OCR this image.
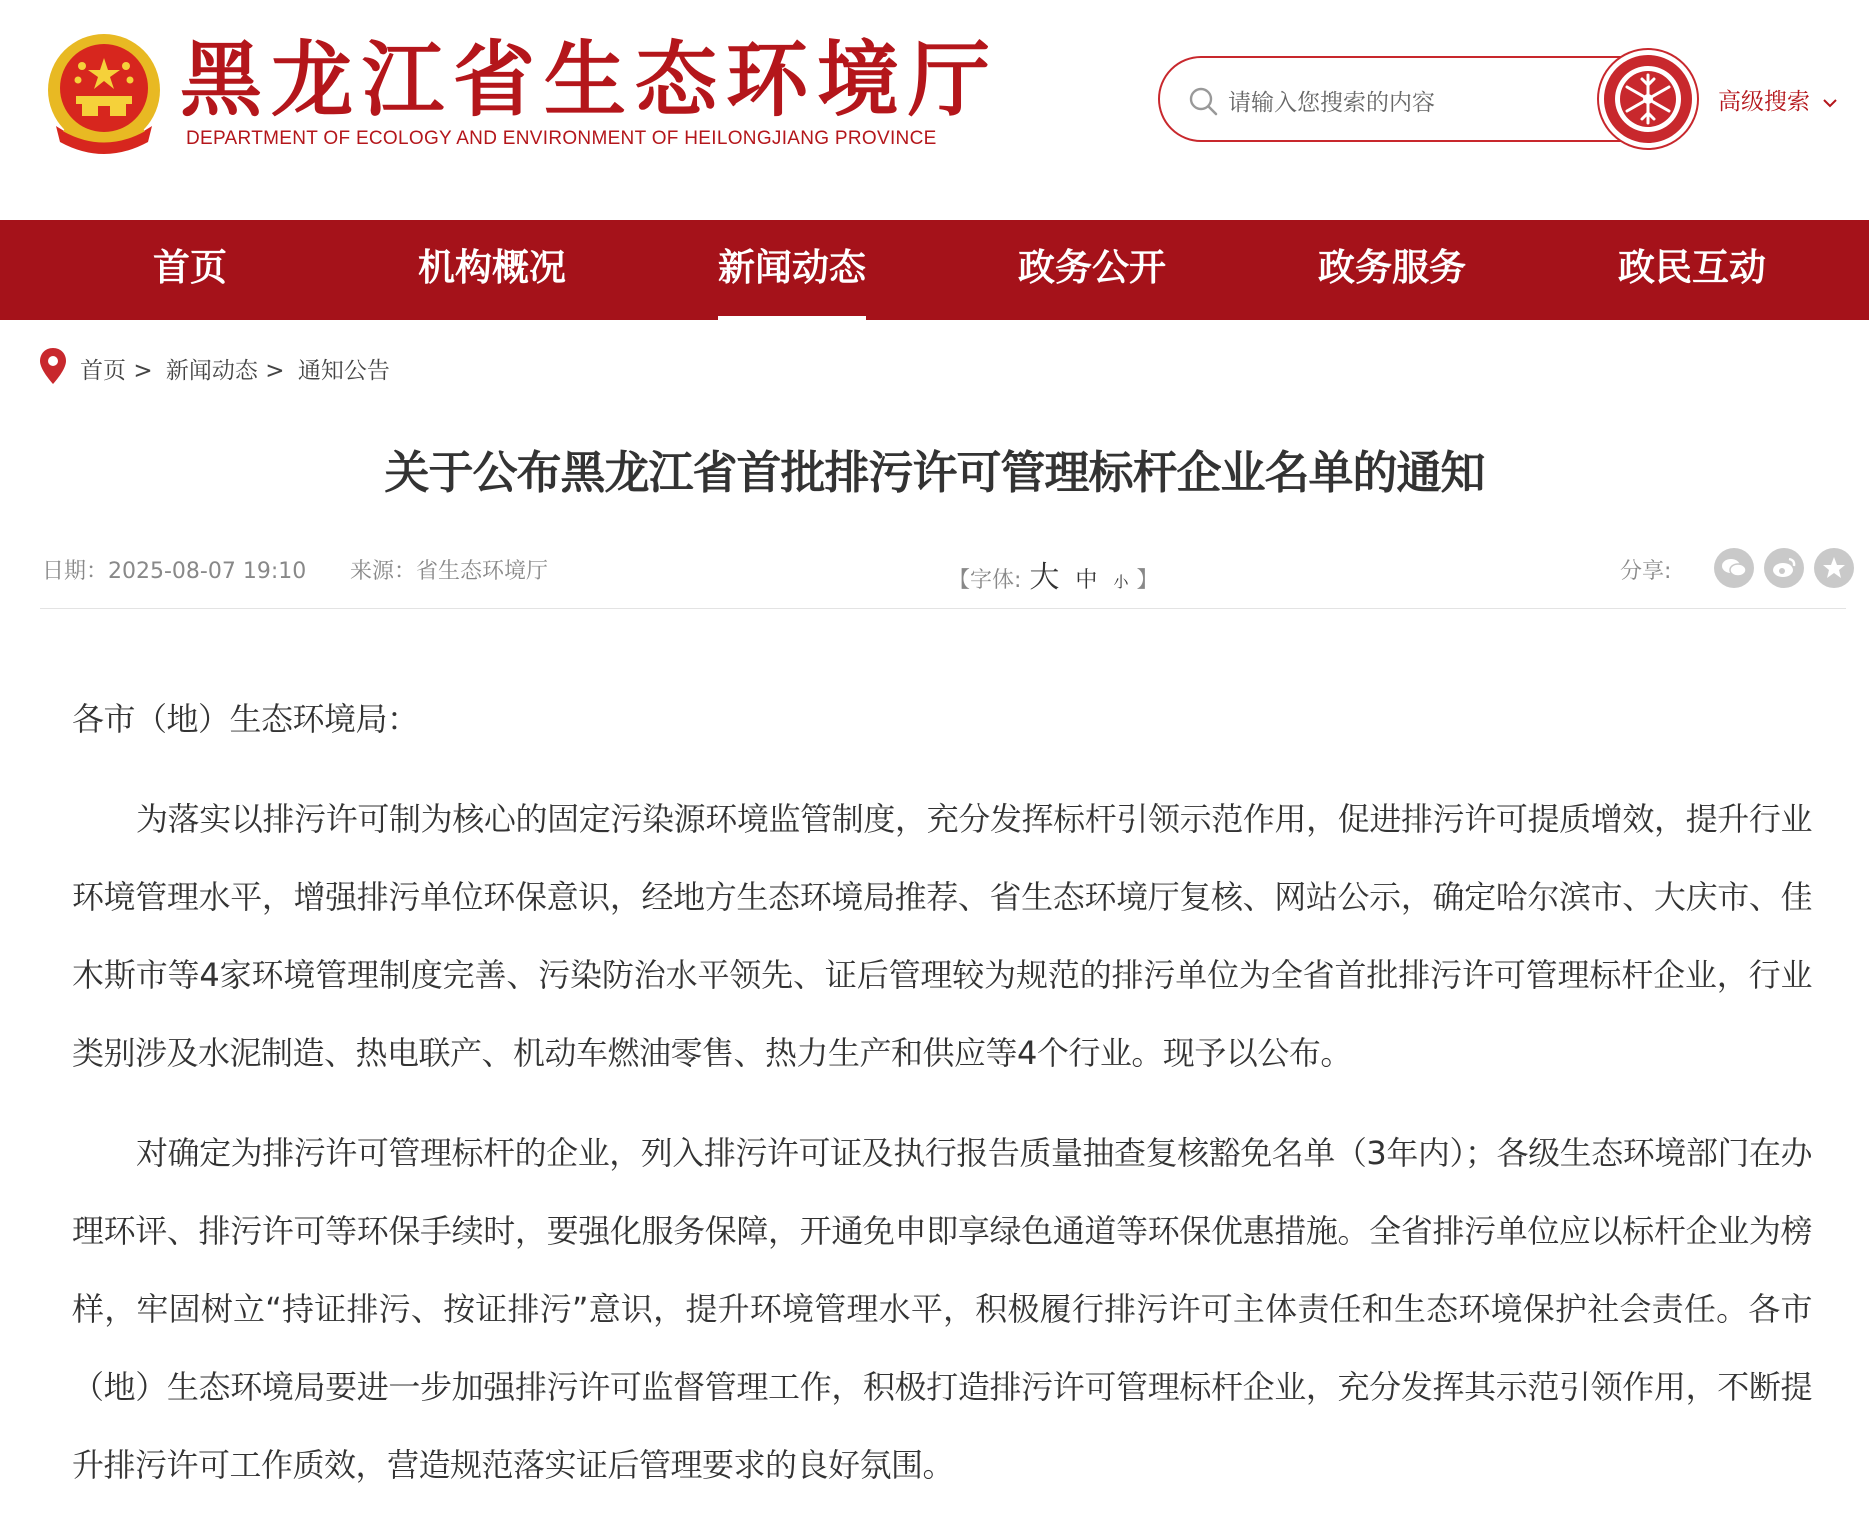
黑龙江省生态环境厅
DEPARTMENT OF ECOLOGY AND ENVIRONMENT OF HEILONGJIANG PROVINCE
请输入您搜索的内容
高级搜索
首页	机构概况	新闻动态	政务公开	政务服务	政民互动
首页 > 新闻动态 > 通知公告
关于公布黑龙江省首批排污许可管理标杆企业名单的通知
日期：2025-08-07 19:10 来源：省生态环境厅	【字体: 大 中 小 】	分享:

各市（地）生态环境局：

为落实以排污许可制为核心的固定污染源环境监管制度，充分发挥标杆引领示范作用，促进排污许可提质增效，提升行业环境管理水平，增强排污单位环保意识，经地方生态环境局推荐、省生态环境厅复核、网站公示，确定哈尔滨市、大庆市、佳木斯市等4家环境管理制度完善、污染防治水平领先、证后管理较为规范的排污单位为全省首批排污许可管理标杆企业，行业类别涉及水泥制造、热电联产、机动车燃油零售、热力生产和供应等4个行业。现予以公布。

对确定为排污许可管理标杆的企业，列入排污许可证及执行报告质量抽查复核豁免名单（3年内）；各级生态环境部门在办理环评、排污许可等环保手续时，要强化服务保障，开通免申即享绿色通道等环保优惠措施。全省排污单位应以标杆企业为榜样，牢固树立“持证排污、按证排污”意识，提升环境管理水平，积极履行排污许可主体责任和生态环境保护社会责任。各市（地）生态环境局要进一步加强排污许可监督管理工作，积极打造排污许可管理标杆企业，充分发挥其示范引领作用，不断提升排污许可工作质效，营造规范落实证后管理要求的良好氛围。
